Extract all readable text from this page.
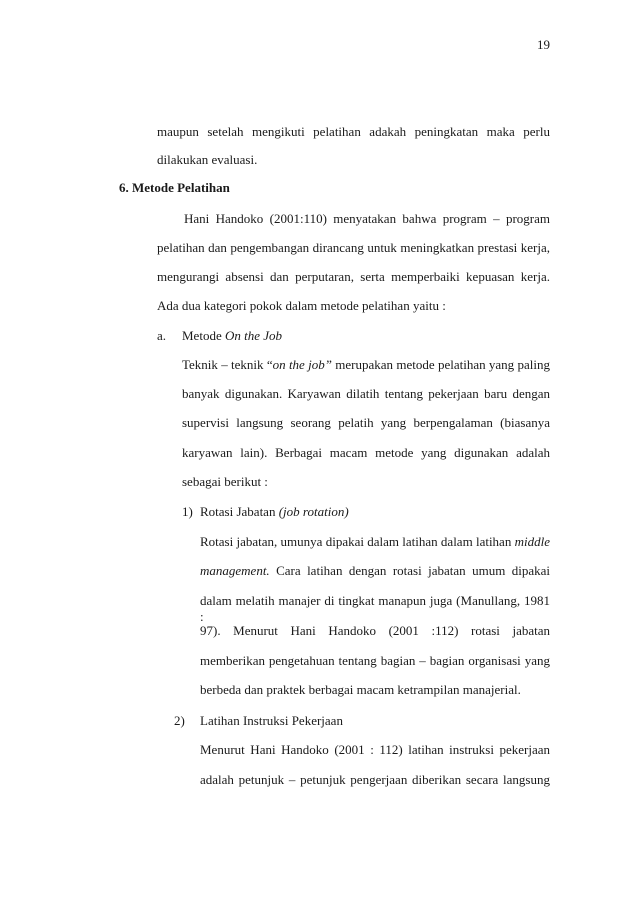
19
maupun setelah mengikuti pelatihan adakah peningkatan maka perlu
dilakukan evaluasi.
6. Metode Pelatihan
Hani Handoko (2001:110) menyatakan bahwa program – program
pelatihan dan pengembangan dirancang untuk meningkatkan prestasi kerja,
mengurangi absensi dan perputaran, serta memperbaiki kepuasan kerja.
Ada dua kategori pokok dalam metode pelatihan yaitu :
a. Metode On the Job
Teknik – teknik “on the job” merupakan metode pelatihan yang paling
banyak digunakan. Karyawan dilatih tentang pekerjaan baru dengan
supervisi langsung seorang pelatih yang berpengalaman (biasanya
karyawan lain). Berbagai macam metode yang digunakan adalah
sebagai berikut :
1) Rotasi Jabatan (job rotation)
Rotasi jabatan, umunya dipakai dalam latihan dalam latihan middle
management. Cara latihan dengan rotasi jabatan umum dipakai
dalam melatih manajer di tingkat manapun juga (Manullang, 1981 :
97). Menurut Hani Handoko (2001 :112) rotasi jabatan
memberikan pengetahuan tentang bagian – bagian organisasi yang
berbeda dan praktek berbagai macam ketrampilan manajerial.
2) Latihan Instruksi Pekerjaan
Menurut Hani Handoko (2001 : 112) latihan instruksi pekerjaan
adalah petunjuk – petunjuk pengerjaan diberikan secara langsung
